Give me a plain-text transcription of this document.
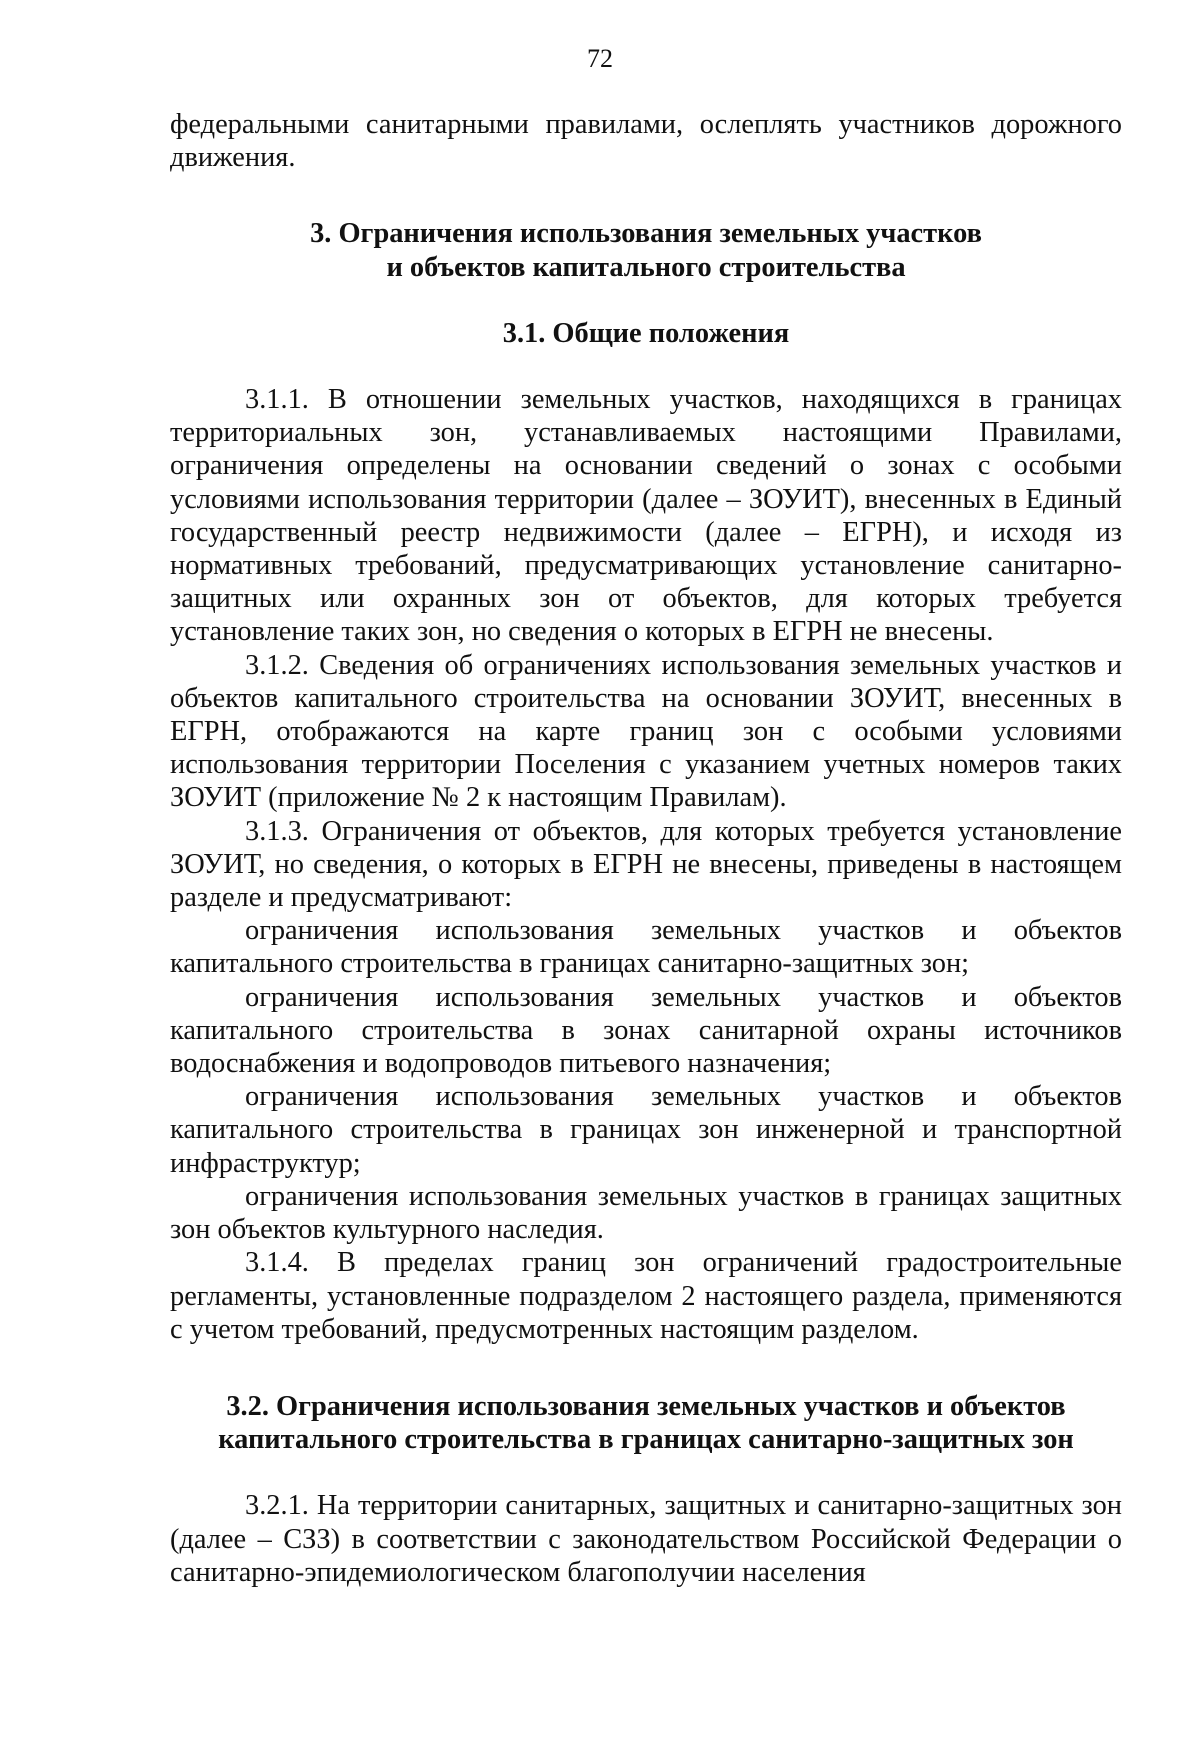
72

федеральными санитарными правилами, ослеплять участников дорожного движения.

3. Ограничения использования земельных участков
и объектов капитального строительства
3.1. Общие положения

3.1.1. В отношении земельных участков, находящихся в границах территориальных зон, устанавливаемых настоящими Правилами, ограничения определены на основании сведений о зонах с особыми условиями использования территории (далее – ЗОУИТ), внесенных в Единый государственный реестр недвижимости (далее – ЕГРН), и исходя из нормативных требований, предусматривающих установление санитарно-защитных или охранных зон от объектов, для которых требуется установление таких зон, но сведения о которых в ЕГРН не внесены.

3.1.2. Сведения об ограничениях использования земельных участков и объектов капитального строительства на основании ЗОУИТ, внесенных в ЕГРН, отображаются на карте границ зон с особыми условиями использования территории Поселения с указанием учетных номеров таких ЗОУИТ (приложение № 2 к настоящим Правилам).

3.1.3. Ограничения от объектов, для которых требуется установление ЗОУИТ, но сведения, о которых в ЕГРН не внесены, приведены в настоящем разделе и предусматривают:

ограничения использования земельных участков и объектов капитального строительства в границах санитарно-защитных зон;

ограничения использования земельных участков и объектов капитального строительства в зонах санитарной охраны источников водоснабжения и водопроводов питьевого назначения;

ограничения использования земельных участков и объектов капитального строительства в границах зон инженерной и транспортной инфраструктур;

ограничения использования земельных участков в границах защитных зон объектов культурного наследия.

3.1.4. В пределах границ зон ограничений градостроительные регламенты, установленные подразделом 2 настоящего раздела, применяются с учетом требований, предусмотренных настоящим разделом.

3.2. Ограничения использования земельных участков и объектов
капитального строительства в границах санитарно-защитных зон

3.2.1. На территории санитарных, защитных и санитарно-защитных зон (далее – СЗЗ) в соответствии с законодательством Российской Федерации о санитарно-эпидемиологическом благополучии населения
